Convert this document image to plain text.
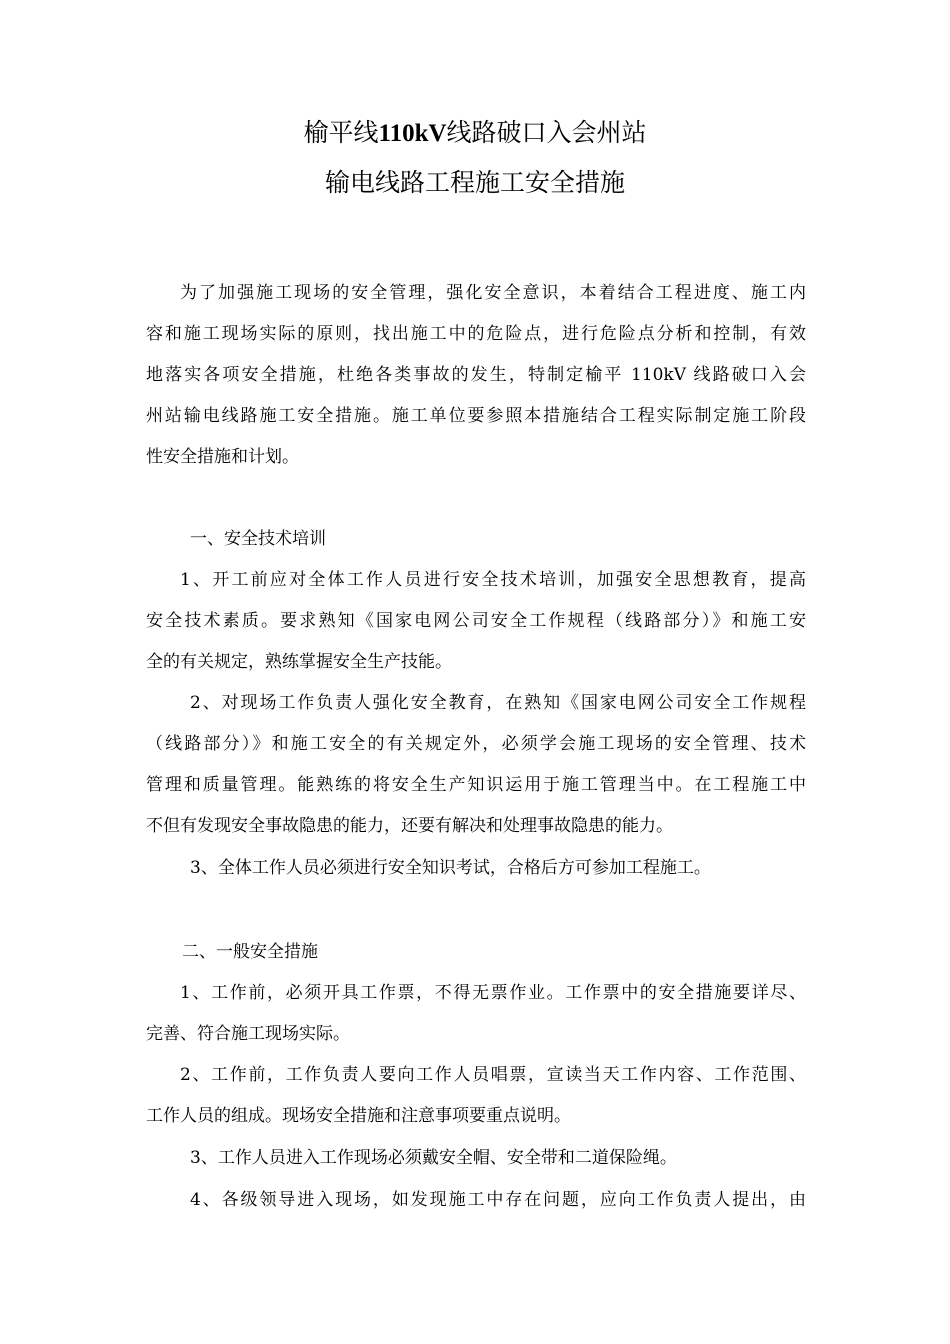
榆平线110kV线路破口入会州站
输电线路工程施工安全措施
为了加强施工现场的安全管理，强化安全意识，本着结合工程进度、施工内
容和施工现场实际的原则，找出施工中的危险点，进行危险点分析和控制，有效
地落实各项安全措施，杜绝各类事故的发生，特制定榆平 110kV 线路破口入会
州站输电线路施工安全措施。施工单位要参照本措施结合工程实际制定施工阶段
性安全措施和计划。
一、安全技术培训
1、开工前应对全体工作人员进行安全技术培训，加强安全思想教育，提高
安全技术素质。要求熟知《国家电网公司安全工作规程（线路部分）》和施工安
全的有关规定，熟练掌握安全生产技能。
2、对现场工作负责人强化安全教育，在熟知《国家电网公司安全工作规程
（线路部分）》和施工安全的有关规定外，必须学会施工现场的安全管理、技术
管理和质量管理。能熟练的将安全生产知识运用于施工管理当中。在工程施工中
不但有发现安全事故隐患的能力，还要有解决和处理事故隐患的能力。
3、全体工作人员必须进行安全知识考试，合格后方可参加工程施工。
二、一般安全措施
1、工作前，必须开具工作票，不得无票作业。工作票中的安全措施要详尽、
完善、符合施工现场实际。
2、工作前，工作负责人要向工作人员唱票，宣读当天工作内容、工作范围、
工作人员的组成。现场安全措施和注意事项要重点说明。
3、工作人员进入工作现场必须戴安全帽、安全带和二道保险绳。
4、各级领导进入现场，如发现施工中存在问题，应向工作负责人提出，由
